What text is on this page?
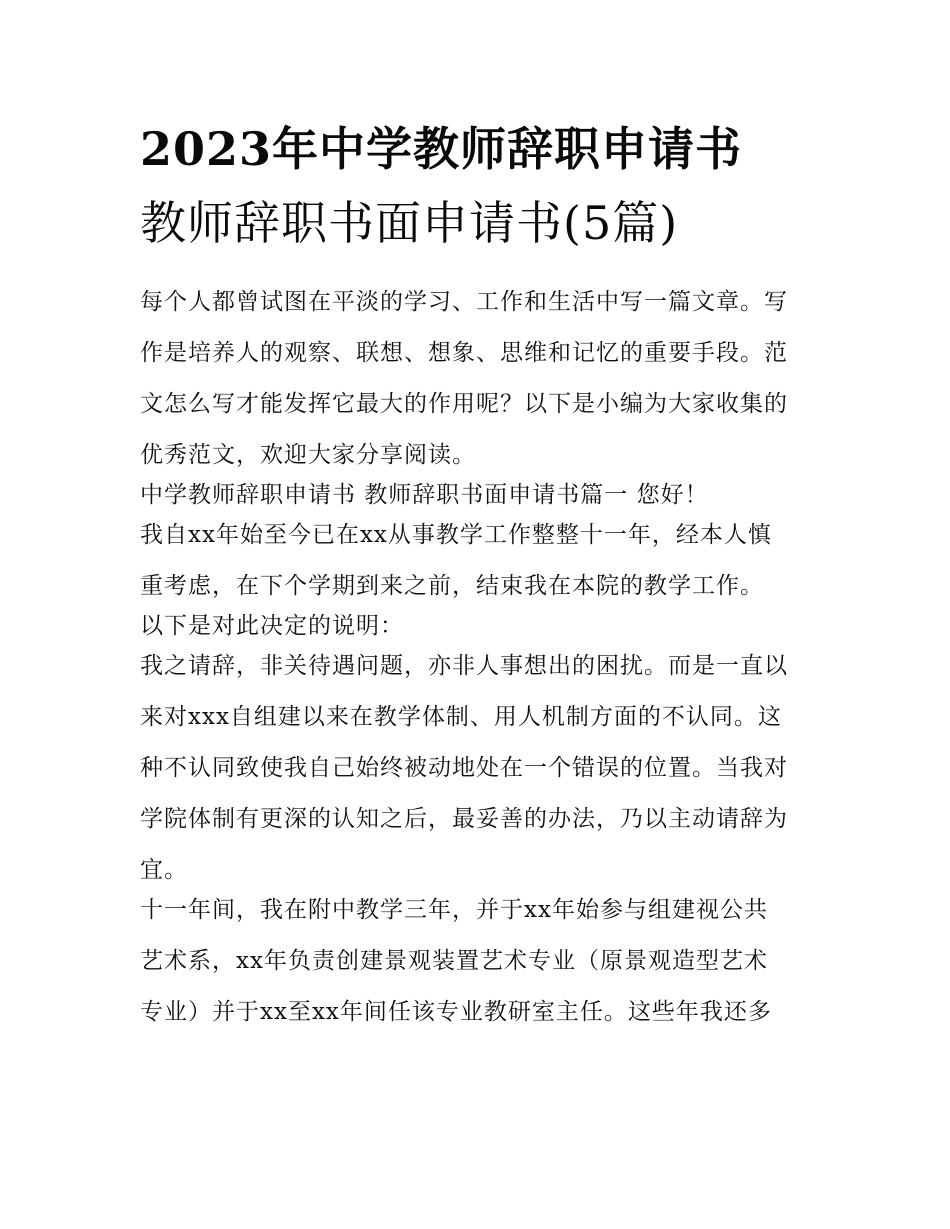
2023年中学教师辞职申请书
教师辞职书面申请书(5篇)
每个人都曾试图在平淡的学习、工作和生活中写一篇文章。写
作是培养人的观察、联想、想象、思维和记忆的重要手段。范
文怎么写才能发挥它最大的作用呢？以下是小编为大家收集的
优秀范文，欢迎大家分享阅读。
中学教师辞职申请书 教师辞职书面申请书篇一 您好！
我自xx年始至今已在xx从事教学工作整整十一年，经本人慎
重考虑，在下个学期到来之前，结束我在本院的教学工作。
以下是对此决定的说明：
我之请辞，非关待遇问题，亦非人事想出的困扰。而是一直以
来对xxx自组建以来在教学体制、用人机制方面的不认同。这
种不认同致使我自己始终被动地处在一个错误的位置。当我对
学院体制有更深的认知之后，最妥善的办法，乃以主动请辞为
宜。
十一年间，我在附中教学三年，并于xx年始参与组建视公共
艺术系，xx年负责创建景观装置艺术专业（原景观造型艺术
专业）并于xx至xx年间任该专业教研室主任。这些年我还多
